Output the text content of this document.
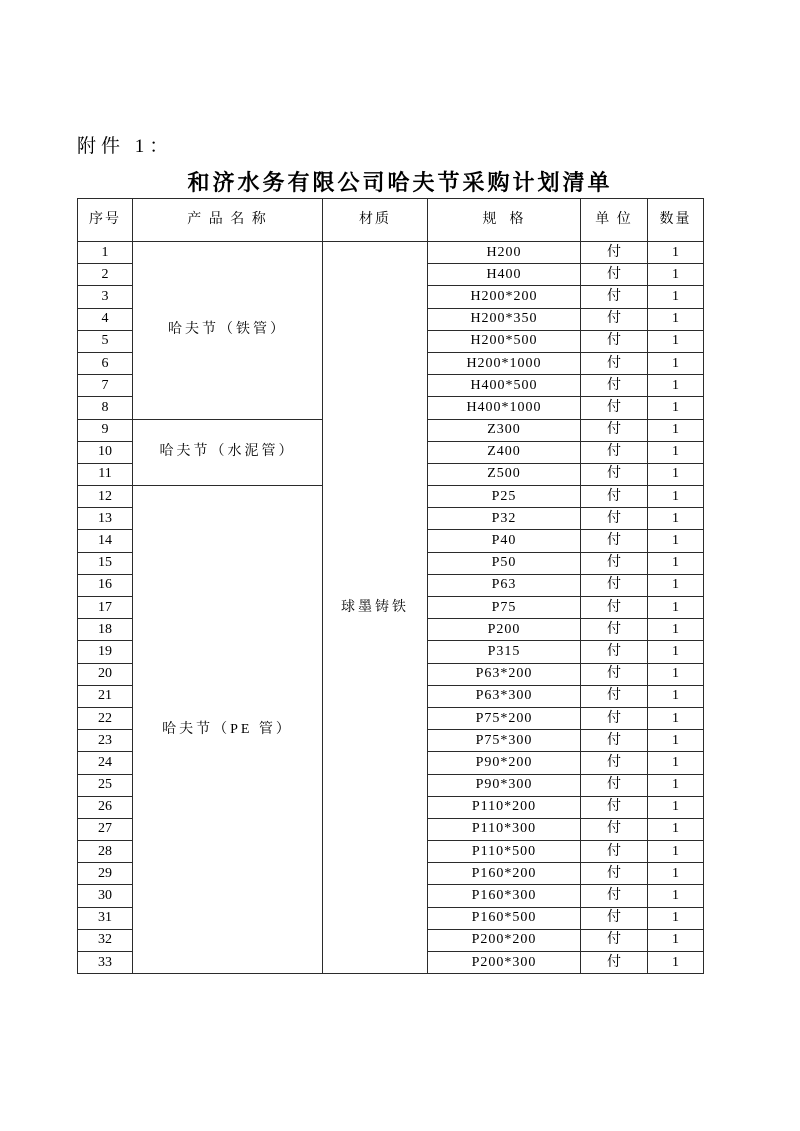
附件 1：
和济水务有限公司哈夫节采购计划清单
序号	产 品 名 称	材质	规  格	单 位	数量
1	哈夫节（铁管）	球墨铸铁	H200	付	1
2			H400	付	1
3			H200*200	付	1
4			H200*350	付	1
5			H200*500	付	1
6			H200*1000	付	1
7			H400*500	付	1
8			H400*1000	付	1
9	哈夫节（水泥管）		Z300	付	1
10			Z400	付	1
11			Z500	付	1
12	哈夫节（PE 管）		P25	付	1
13			P32	付	1
14			P40	付	1
15			P50	付	1
16			P63	付	1
17			P75	付	1
18			P200	付	1
19			P315	付	1
20			P63*200	付	1
21			P63*300	付	1
22			P75*200	付	1
23			P75*300	付	1
24			P90*200	付	1
25			P90*300	付	1
26			P110*200	付	1
27			P110*300	付	1
28			P110*500	付	1
29			P160*200	付	1
30			P160*300	付	1
31			P160*500	付	1
32			P200*200	付	1
33			P200*300	付	1
